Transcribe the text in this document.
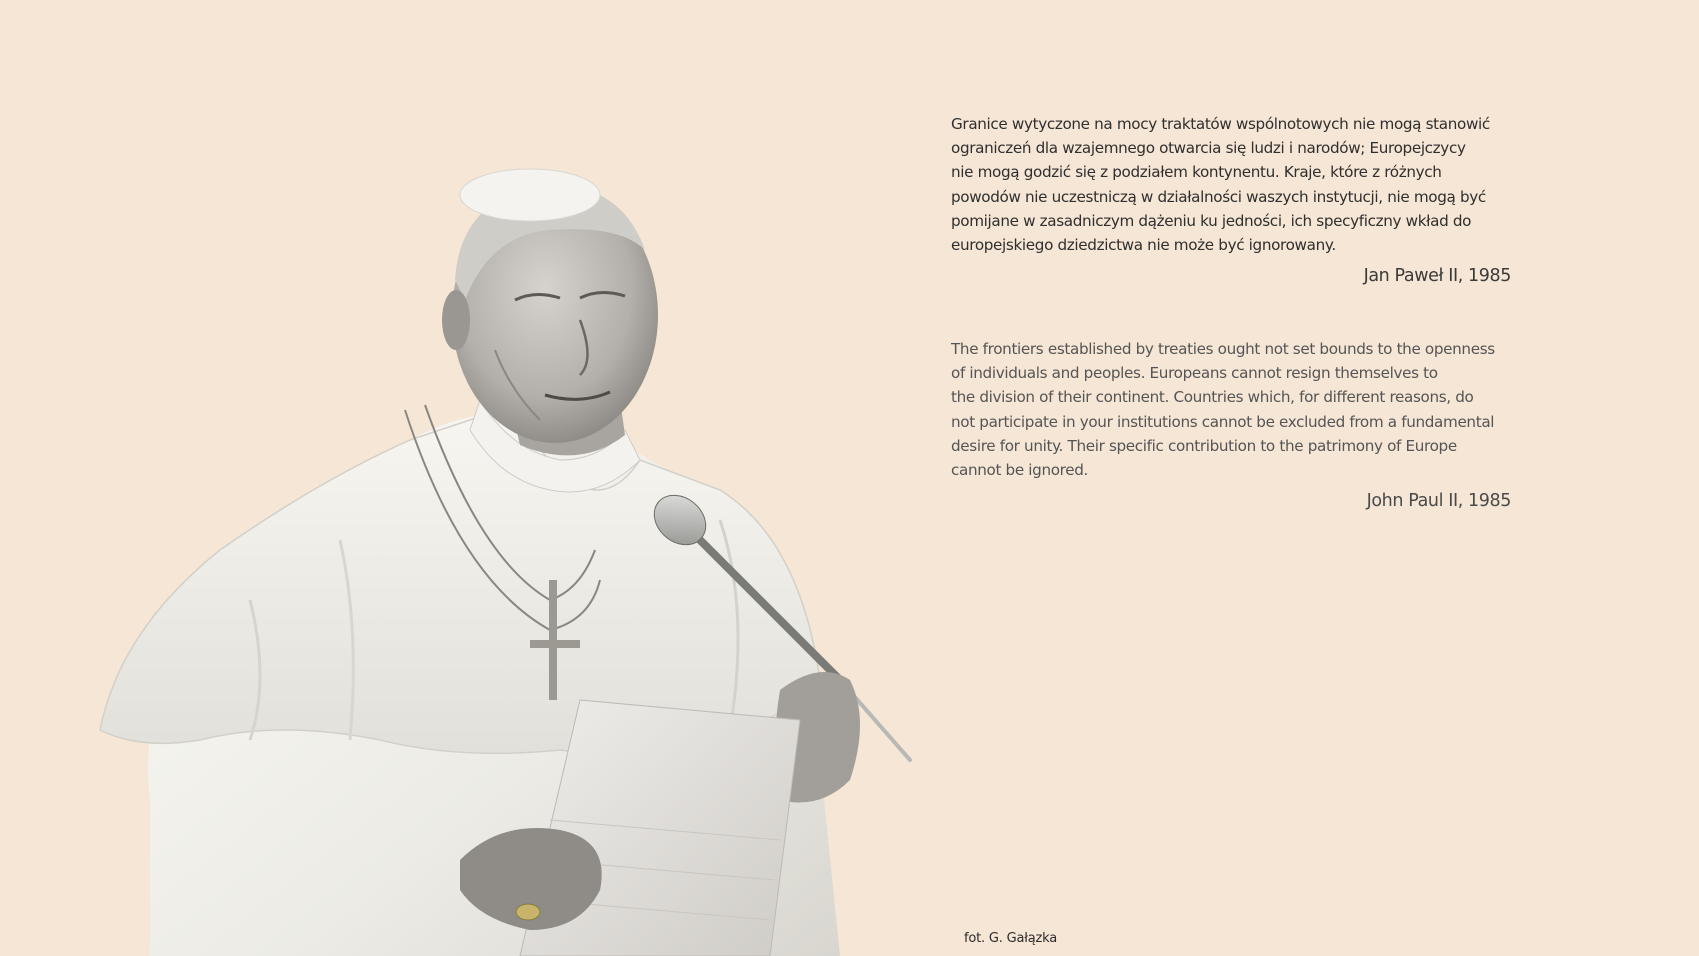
Granice wytyczone na mocy traktatów wspólnotowych nie mogą stanowić
ograniczeń dla wzajemnego otwarcia się ludzi i narodów; Europejczycy
nie mogą godzić się z podziałem kontynentu. Kraje, które z różnych
powodów nie uczestniczą w działalności waszych instytucji, nie mogą być
pomijane w zasadniczym dążeniu ku jedności, ich specyficzny wkład do
europejskiego dziedzictwa nie może być ignorowany.

Jan Paweł II, 1985

The frontiers established by treaties ought not set bounds to the openness
of individuals and peoples. Europeans cannot resign themselves to
the division of their continent. Countries which, for different reasons, do
not participate in your institutions cannot be excluded from a fundamental
desire for unity. Their specific contribution to the patrimony of Europe
cannot be ignored.

John Paul II, 1985
fot. G. Gałązka
